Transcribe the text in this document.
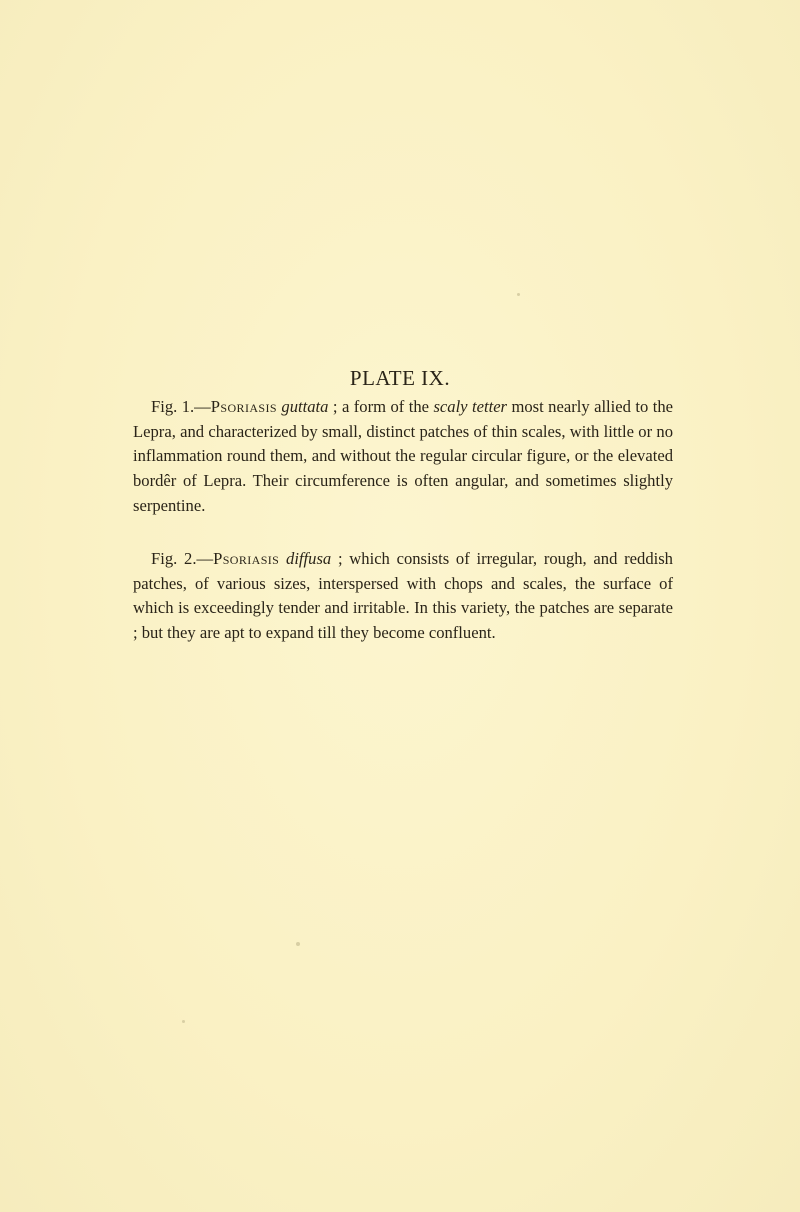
PLATE IX.

Fig. 1.—Psoriasis guttata ; a form of the scaly tetter most nearly allied to the Lepra, and characterized by small, distinct patches of thin scales, with little or no inflammation round them, and without the regular circular figure, or the elevated bordêr of Lepra. Their circumference is often angular, and sometimes slightly serpentine.

Fig. 2.—Psoriasis diffusa ; which consists of irregular, rough, and reddish patches, of various sizes, interspersed with chops and scales, the surface of which is exceedingly tender and irritable. In this variety, the patches are separate ; but they are apt to expand till they become confluent.
